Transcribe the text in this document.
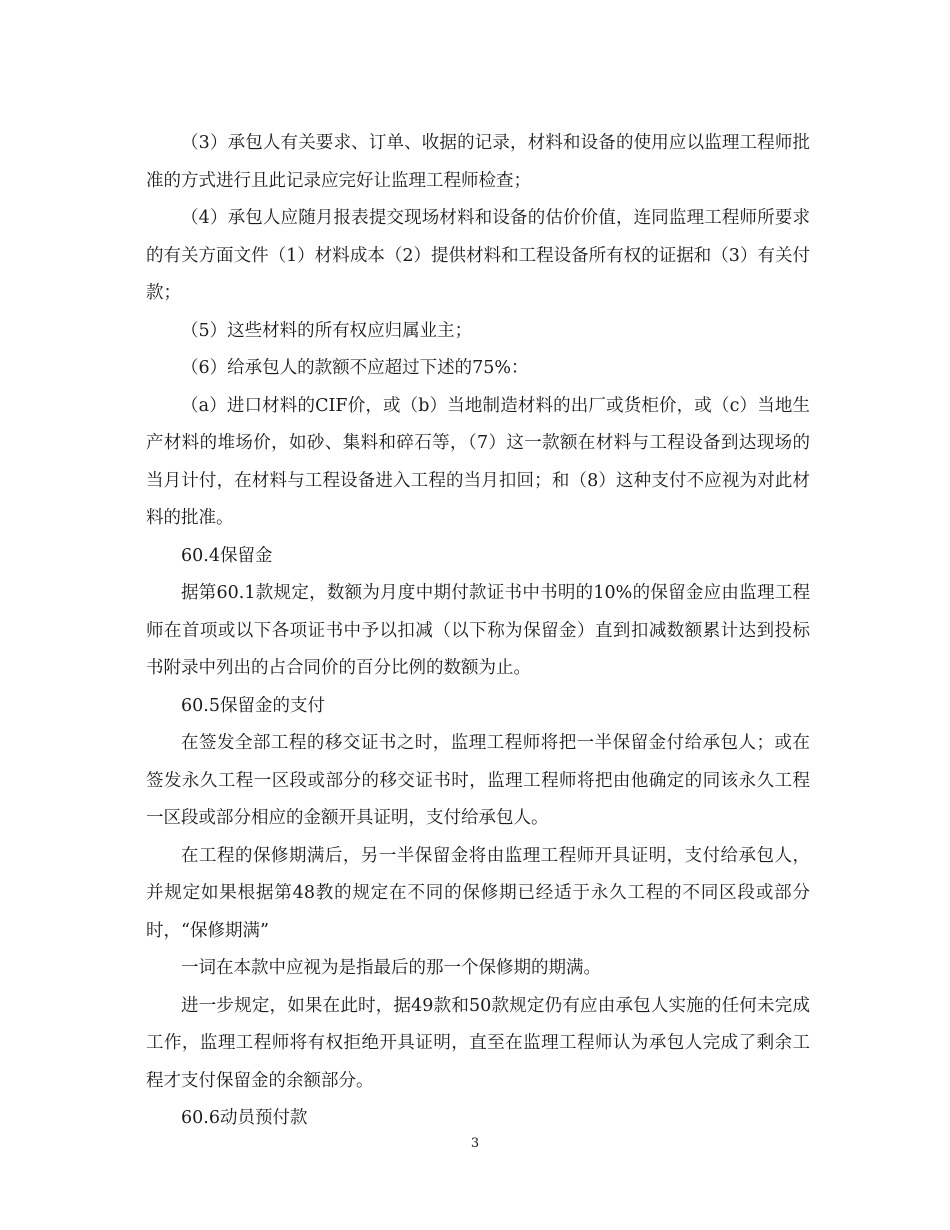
（3）承包人有关要求、订单、收据的记录，材料和设备的使用应以监理工程师批准的方式进行且此记录应完好让监理工程师检查；

（4）承包人应随月报表提交现场材料和设备的估价价值，连同监理工程师所要求的有关方面文件（1）材料成本（2）提供材料和工程设备所有权的证据和（3）有关付款；

（5）这些材料的所有权应归属业主；

（6）给承包人的款额不应超过下述的75%：

（a）进口材料的CIF价，或（b）当地制造材料的出厂或货柜价，或（c）当地生产材料的堆场价，如砂、集料和碎石等，（7）这一款额在材料与工程设备到达现场的当月计付，在材料与工程设备进入工程的当月扣回；和（8）这种支付不应视为对此材料的批准。

60.4保留金

据第60.1款规定，数额为月度中期付款证书中书明的10%的保留金应由监理工程师在首项或以下各项证书中予以扣减（以下称为保留金）直到扣减数额累计达到投标书附录中列出的占合同价的百分比例的数额为止。

60.5保留金的支付

在签发全部工程的移交证书之时，监理工程师将把一半保留金付给承包人；或在签发永久工程一区段或部分的移交证书时，监理工程师将把由他确定的同该永久工程一区段或部分相应的金额开具证明，支付给承包人。

在工程的保修期满后，另一半保留金将由监理工程师开具证明，支付给承包人，并规定如果根据第48教的规定在不同的保修期已经适于永久工程的不同区段或部分时，“保修期满”

一词在本款中应视为是指最后的那一个保修期的期满。

进一步规定，如果在此时，据49款和50款规定仍有应由承包人实施的任何未完成工作，监理工程师将有权拒绝开具证明，直至在监理工程师认为承包人完成了剩余工程才支付保留金的余额部分。

60.6动员预付款

3
